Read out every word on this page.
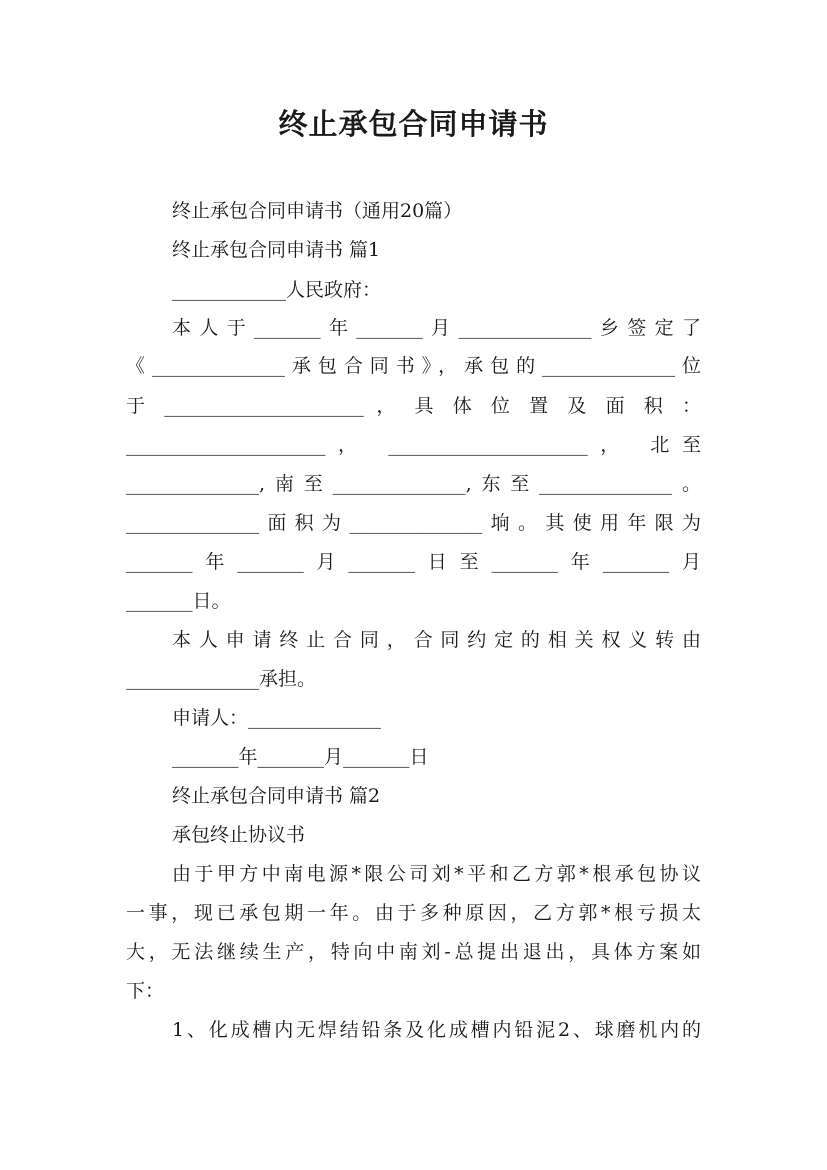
终止承包合同申请书
终止承包合同申请书（通用20篇）
终止承包合同申请书 篇1
____________人民政府：
本人于_______年_______月______________乡签定了
《______________承包合同书》，承包的______________位
于 _____________________ ， 具 体 位 置 及 面 积 ：
_____________________， _____________________， 北至
______________,南至______________,东至______________。
______________面积为______________垧。其使用年限为
_______年_______月_______日至_______年_______月
_______日。
本人申请终止合同，合同约定的相关权义转由
______________承担。
申请人：______________
_______年_______月_______日
终止承包合同申请书 篇2
承包终止协议书
由于甲方中南电源*限公司刘*平和乙方郭*根承包协议
一事，现已承包期一年。由于多种原因，乙方郭*根亏损太
大，无法继续生产，特向中南刘-总提出退出，具体方案如
下：
1、化成槽内无焊结铅条及化成槽内铅泥2、球磨机内的
